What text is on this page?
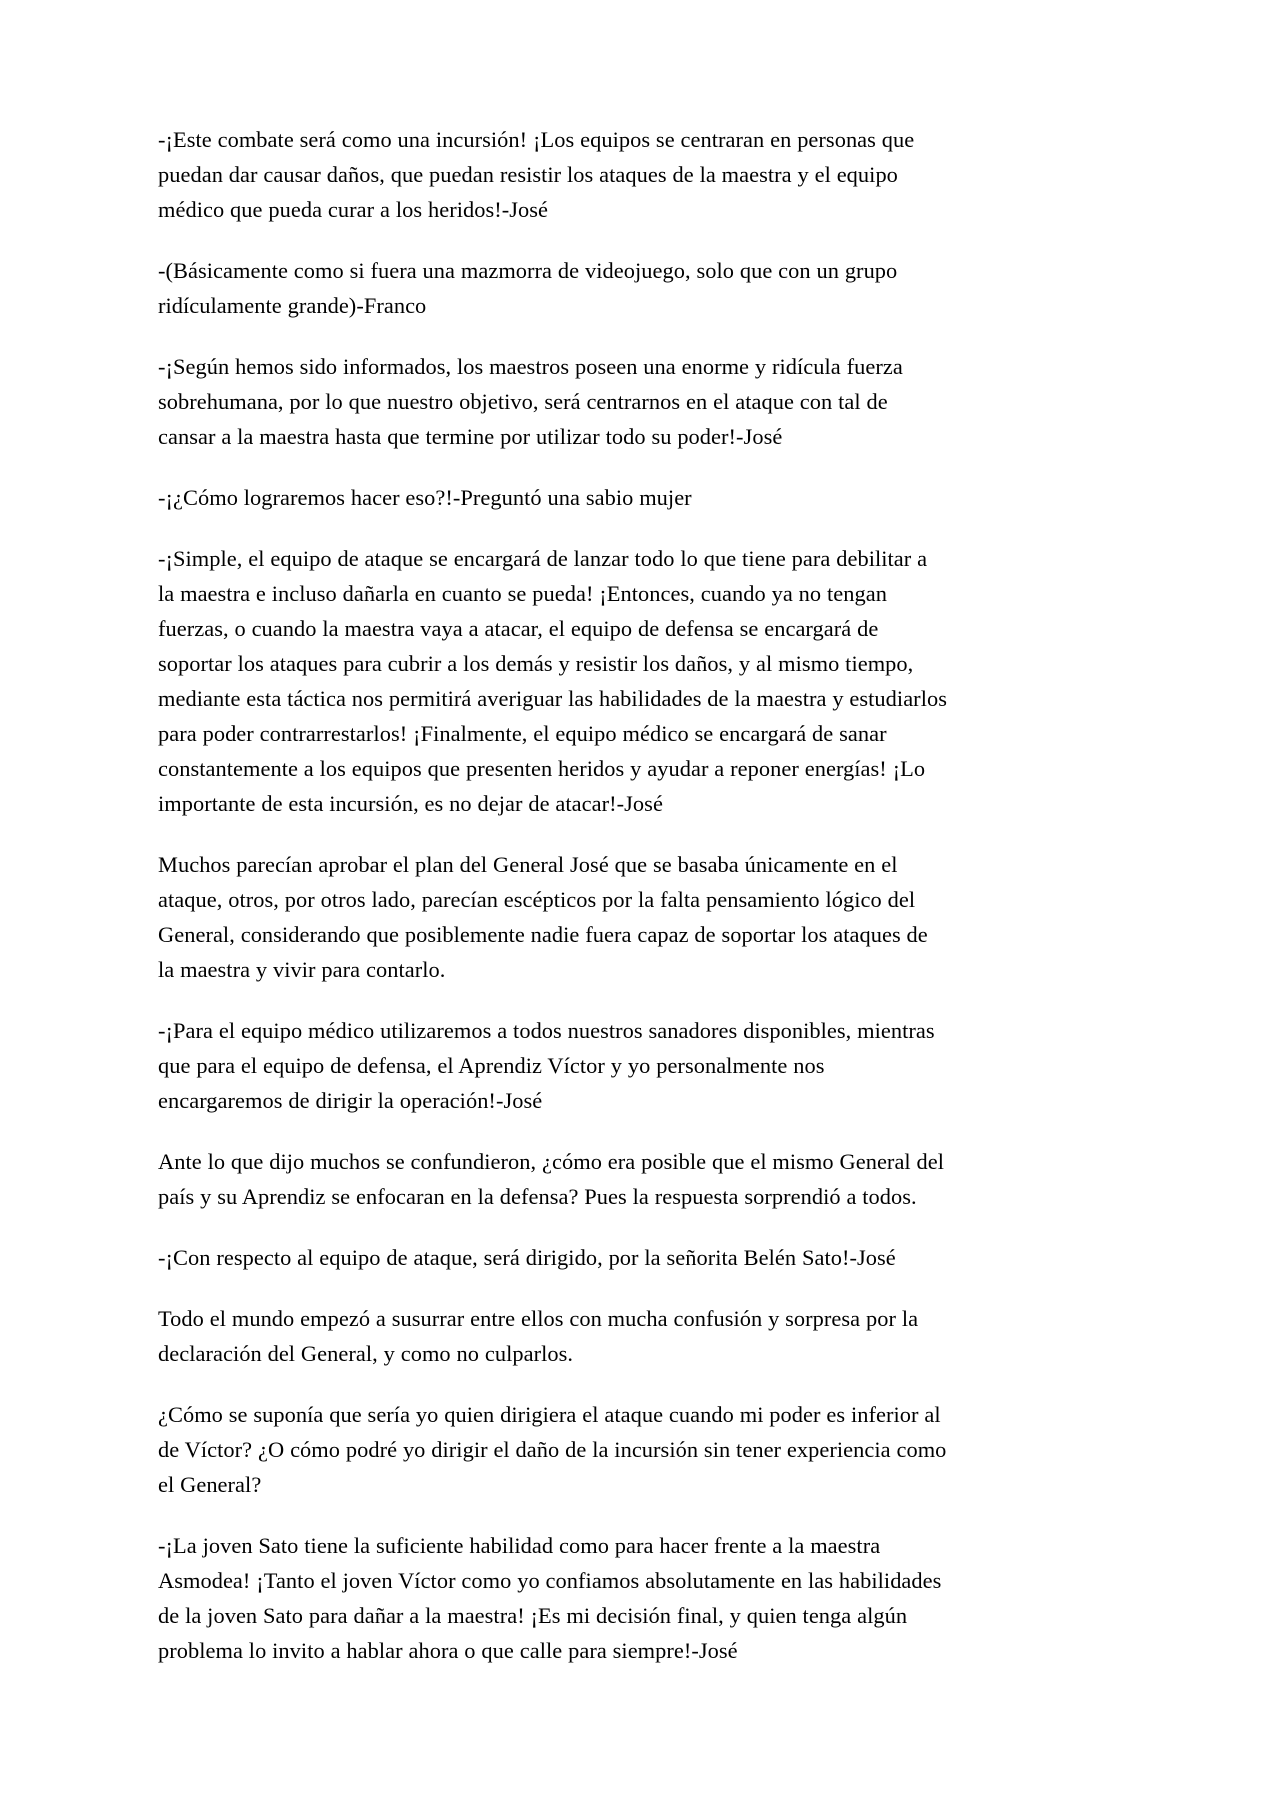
-¡Este combate será como una incursión! ¡Los equipos se centraran en personas que puedan dar causar daños, que puedan resistir los ataques de la maestra y el equipo médico que pueda curar a los heridos!-José

-(Básicamente como si fuera una mazmorra de videojuego, solo que con un grupo ridículamente grande)-Franco

-¡Según hemos sido informados, los maestros poseen una enorme y ridícula fuerza sobrehumana, por lo que nuestro objetivo, será centrarnos en el ataque con tal de cansar a la maestra hasta que termine por utilizar todo su poder!-José

-¡¿Cómo lograremos hacer eso?!-Preguntó una sabio mujer

-¡Simple, el equipo de ataque se encargará de lanzar todo lo que tiene para debilitar a la maestra e incluso dañarla en cuanto se pueda! ¡Entonces, cuando ya no tengan fuerzas, o cuando la maestra vaya a atacar, el equipo de defensa se encargará de soportar los ataques para cubrir a los demás y resistir los daños, y al mismo tiempo, mediante esta táctica nos permitirá averiguar las habilidades de la maestra y estudiarlos para poder contrarrestarlos! ¡Finalmente, el equipo médico se encargará de sanar constantemente a los equipos que presenten heridos y ayudar a reponer energías! ¡Lo importante de esta incursión, es no dejar de atacar!-José

Muchos parecían aprobar el plan del General José que se basaba únicamente en el ataque, otros, por otros lado, parecían escépticos por la falta pensamiento lógico del General, considerando que posiblemente nadie fuera capaz de soportar los ataques de la maestra y vivir para contarlo.

-¡Para el equipo médico utilizaremos a todos nuestros sanadores disponibles, mientras que para el equipo de defensa, el Aprendiz Víctor y yo personalmente nos encargaremos de dirigir la operación!-José

Ante lo que dijo muchos se confundieron, ¿cómo era posible que el mismo General del país y su Aprendiz se enfocaran en la defensa? Pues la respuesta sorprendió a todos.

-¡Con respecto al equipo de ataque, será dirigido, por la señorita Belén Sato!-José

Todo el mundo empezó a susurrar entre ellos con mucha confusión y sorpresa por la declaración del General, y como no culparlos.

¿Cómo se suponía que sería yo quien dirigiera el ataque cuando mi poder es inferior al de Víctor? ¿O cómo podré yo dirigir el daño de la incursión sin tener experiencia como el General?

-¡La joven Sato tiene la suficiente habilidad como para hacer frente a la maestra Asmodea! ¡Tanto el joven Víctor como yo confiamos absolutamente en las habilidades de la joven Sato para dañar a la maestra! ¡Es mi decisión final, y quien tenga algún problema lo invito a hablar ahora o que calle para siempre!-José
